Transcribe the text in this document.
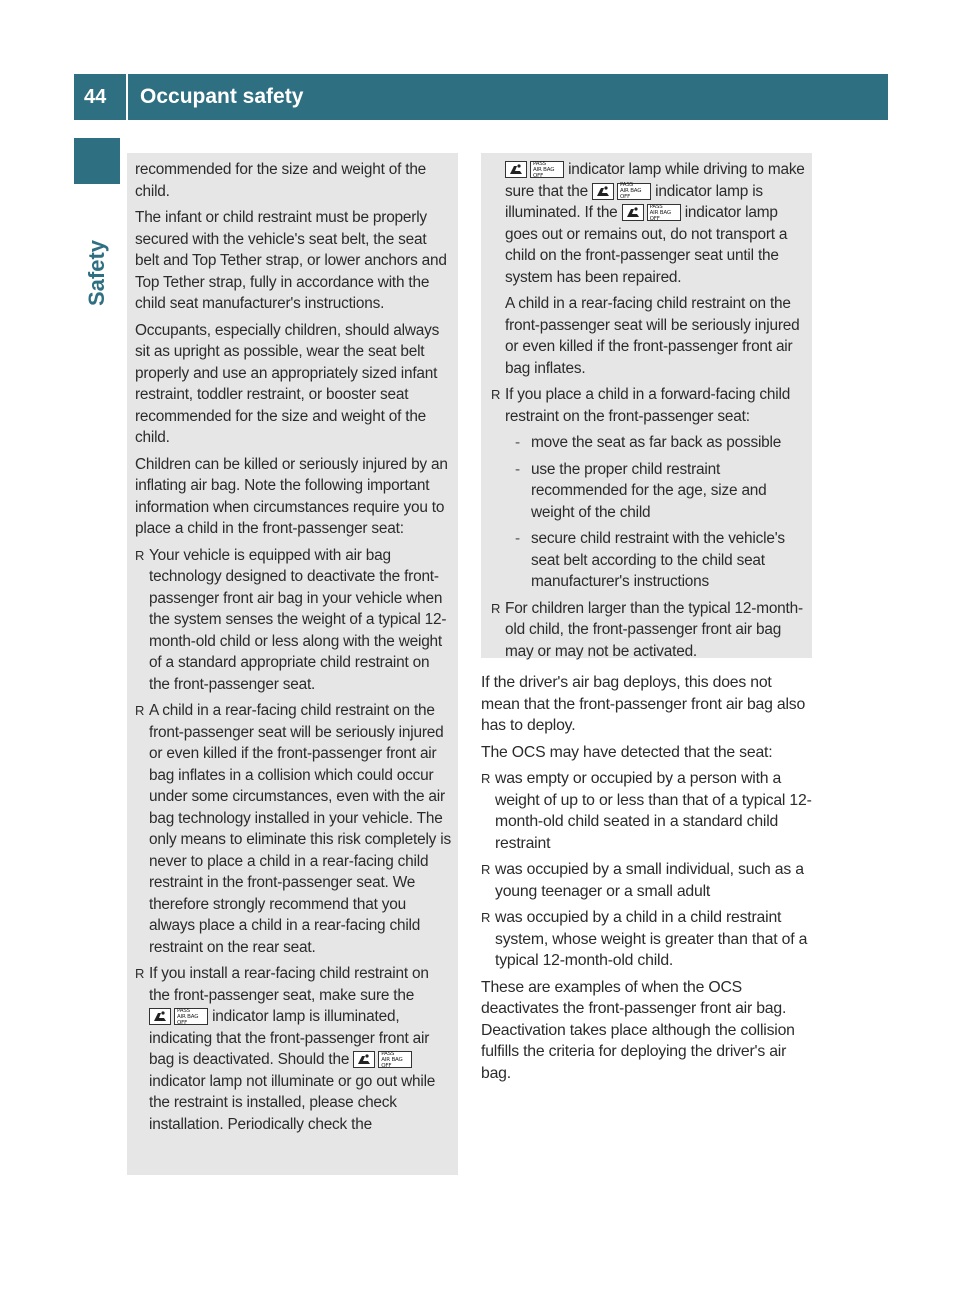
44	Occupant safety
Safety

recommended for the size and weight of the child.

The infant or child restraint must be properly secured with the vehicle's seat belt, the seat belt and Top Tether strap, or lower anchors and Top Tether strap, fully in accordance with the child seat manufacturer's instructions.

Occupants, especially children, should always sit as upright as possible, wear the seat belt properly and use an appropriately sized infant restraint, toddler restraint, or booster seat recommended for the size and weight of the child.

Children can be killed or seriously injured by an inflating air bag. Note the following important information when circumstances require you to place a child in the front-passenger seat:

R Your vehicle is equipped with air bag technology designed to deactivate the front-passenger front air bag in your vehicle when the system senses the weight of a typical 12-month-old child or less along with the weight of a standard appropriate child restraint on the front-passenger seat.
R A child in a rear-facing child restraint on the front-passenger seat will be seriously injured or even killed if the front-passenger front air bag inflates in a collision which could occur under some circumstances, even with the air bag technology installed in your vehicle. The only means to eliminate this risk completely is never to place a child in a rear-facing child restraint in the front-passenger seat. We therefore strongly recommend that you always place a child in a rear-facing child restraint on the rear seat.
R If you install a rear-facing child restraint on the front-passenger seat, make sure the
PASS
AIR BAG OFF	indicator lamp is illuminated, indicating that the front-passenger front air bag is deactivated. Should the	PASS
AIR BAG OFF
indicator lamp not illuminate or go out while the restraint is installed, please check installation. Periodically check the

PASS
AIR BAG OFF	indicator lamp while driving to make sure that the	PASS
AIR BAG OFF	indicator lamp is illuminated. If the	PASS
AIR BAG OFF	indicator lamp goes out or remains out, do not transport a child on the front-passenger seat until the system has been repaired.

A child in a rear-facing child restraint on the front-passenger seat will be seriously injured or even killed if the front-passenger front air bag inflates.

R If you place a child in a forward-facing child restraint on the front-passenger seat:
- move the seat as far back as possible
- use the proper child restraint recommended for the age, size and weight of the child
- secure child restraint with the vehicle's seat belt according to the child seat manufacturer's instructions
R For children larger than the typical 12-month-old child, the front-passenger front air bag may or may not be activated.

If the driver's air bag deploys, this does not mean that the front-passenger front air bag also has to deploy.

The OCS may have detected that the seat:

R was empty or occupied by a person with a weight of up to or less than that of a typical 12-month-old child seated in a standard child restraint
R was occupied by a small individual, such as a young teenager or a small adult
R was occupied by a child in a child restraint system, whose weight is greater than that of a typical 12-month-old child.

These are examples of when the OCS deactivates the front-passenger front air bag. Deactivation takes place although the collision fulfills the criteria for deploying the driver's air bag.
